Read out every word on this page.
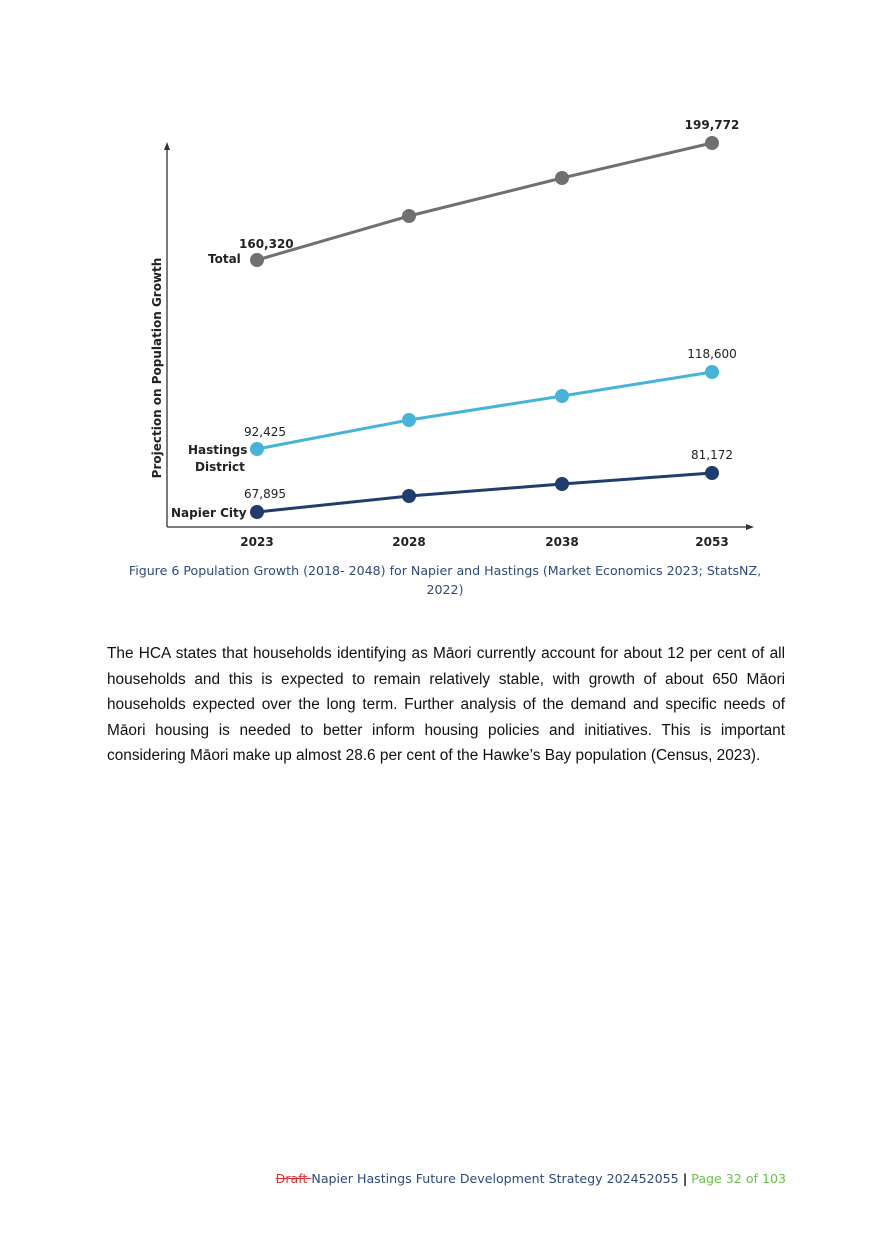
Projection on Population Growth
2023	2028	2038	2053
160,320
199,772
Total
92,425
118,600
Hastings District
67,895
81,172
Napier City
Figure 6 Population Growth (2018- 2048) for Napier and Hastings (Market Economics 2023; StatsNZ,
2022)

The HCA states that households identifying as Māori currently account for about 12 per cent of all households and this is expected to remain relatively stable, with growth of about 650 Māori households expected over the long term. Further analysis of the demand and specific needs of Māori housing is needed to better inform housing policies and initiatives. This is important considering Māori make up almost 28.6 per cent of the Hawke’s Bay population (Census, 2023).

Draft Napier Hastings Future Development Strategy 202452055 | Page 32 of 103
